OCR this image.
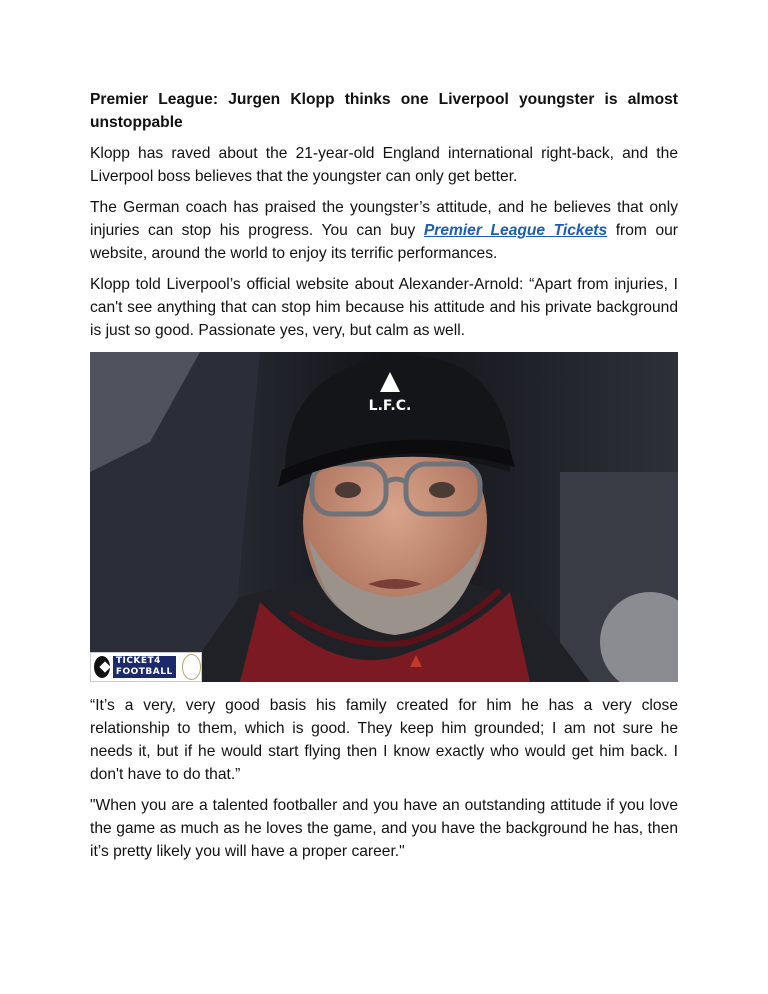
Premier League: Jurgen Klopp thinks one Liverpool youngster is almost unstoppable

Klopp has raved about the 21-year-old England international right-back, and the Liverpool boss believes that the youngster can only get better.

The German coach has praised the youngster’s attitude, and he believes that only injuries can stop his progress. You can buy Premier League Tickets from our website, around the world to enjoy its terrific performances.

Klopp told Liverpool’s official website about Alexander-Arnold: “Apart from injuries, I can't see anything that can stop him because his attitude and his private background is just so good. Passionate yes, very, but calm as well.

L.F.C.
TICKET4
FOOTBALL

“It’s a very, very good basis his family created for him he has a very close relationship to them, which is good. They keep him grounded; I am not sure he needs it, but if he would start flying then I know exactly who would get him back. I don't have to do that.”

"When you are a talented footballer and you have an outstanding attitude if you love the game as much as he loves the game, and you have the background he has, then it’s pretty likely you will have a proper career."
